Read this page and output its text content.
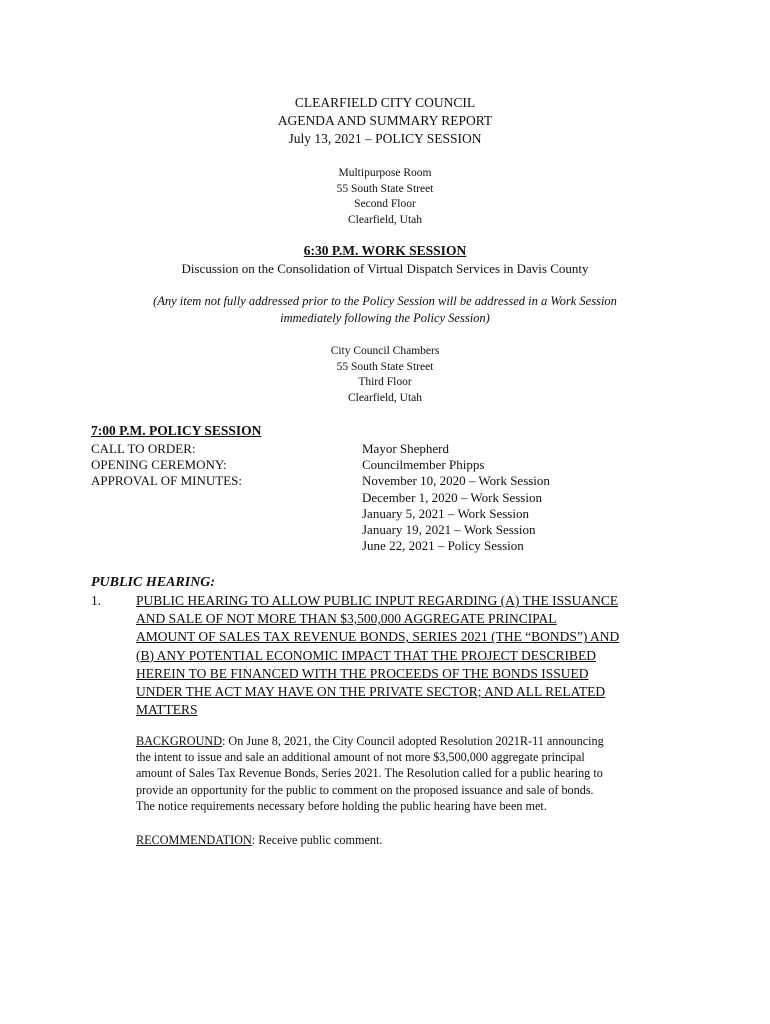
CLEARFIELD CITY COUNCIL
AGENDA AND SUMMARY REPORT
July 13, 2021 – POLICY SESSION
Multipurpose Room
55 South State Street
Second Floor
Clearfield, Utah
6:30 P.M. WORK SESSION
Discussion on the Consolidation of Virtual Dispatch Services in Davis County
(Any item not fully addressed prior to the Policy Session will be addressed in a Work Session
immediately following the Policy Session)
City Council Chambers
55 South State Street
Third Floor
Clearfield, Utah
7:00 P.M. POLICY SESSION
CALL TO ORDER:
OPENING CEREMONY:
APPROVAL OF MINUTES:
Mayor Shepherd
Councilmember Phipps
November 10, 2020 – Work Session
December 1, 2020 – Work Session
January 5, 2021 – Work Session
January 19, 2021 – Work Session
June 22, 2021 – Policy Session
PUBLIC HEARING:
1.	PUBLIC HEARING TO ALLOW PUBLIC INPUT REGARDING (A) THE ISSUANCE
AND SALE OF NOT MORE THAN $3,500,000 AGGREGATE PRINCIPAL
AMOUNT OF SALES TAX REVENUE BONDS, SERIES 2021 (THE “BONDS”) AND
(B) ANY POTENTIAL ECONOMIC IMPACT THAT THE PROJECT DESCRIBED
HEREIN TO BE FINANCED WITH THE PROCEEDS OF THE BONDS ISSUED
UNDER THE ACT MAY HAVE ON THE PRIVATE SECTOR; AND ALL RELATED
MATTERS
BACKGROUND: On June 8, 2021, the City Council adopted Resolution 2021R-11 announcing
the intent to issue and sale an additional amount of not more $3,500,000 aggregate principal
amount of Sales Tax Revenue Bonds, Series 2021. The Resolution called for a public hearing to
provide an opportunity for the public to comment on the proposed issuance and sale of bonds.
The notice requirements necessary before holding the public hearing have been met.
RECOMMENDATION: Receive public comment.
